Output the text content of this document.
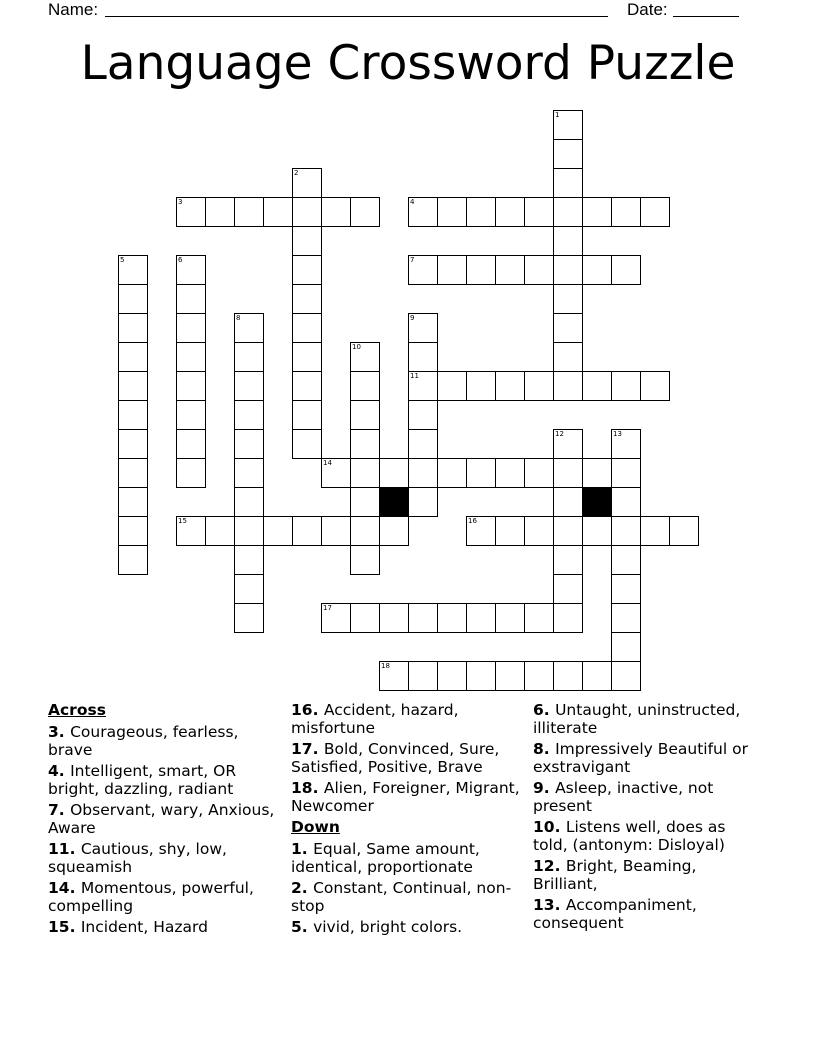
Name:	Date:
Language Crossword Puzzle
1
2
3	4
5	6	7
8	9
11
10
12	13
14
15	16
17
18
Across
3. Courageous, fearless, brave
4. Intelligent, smart, OR bright, dazzling, radiant
7. Observant, wary, Anxious, Aware
11. Cautious, shy, low, squeamish
14. Momentous, powerful, compelling
15. Incident, Hazard
16. Accident, hazard, misfortune
17. Bold, Convinced, Sure, Satisfied, Positive, Brave
18. Alien, Foreigner, Migrant, Newcomer
Down
1. Equal, Same amount, identical, proportionate
2. Constant, Continual, non-stop
5. vivid, bright colors.
6. Untaught, uninstructed, illiterate
8. Impressively Beautiful or exstravigant
9. Asleep, inactive, not present
10. Listens well, does as told, (antonym: Disloyal)
12. Bright, Beaming, Brilliant,
13. Accompaniment, consequent
